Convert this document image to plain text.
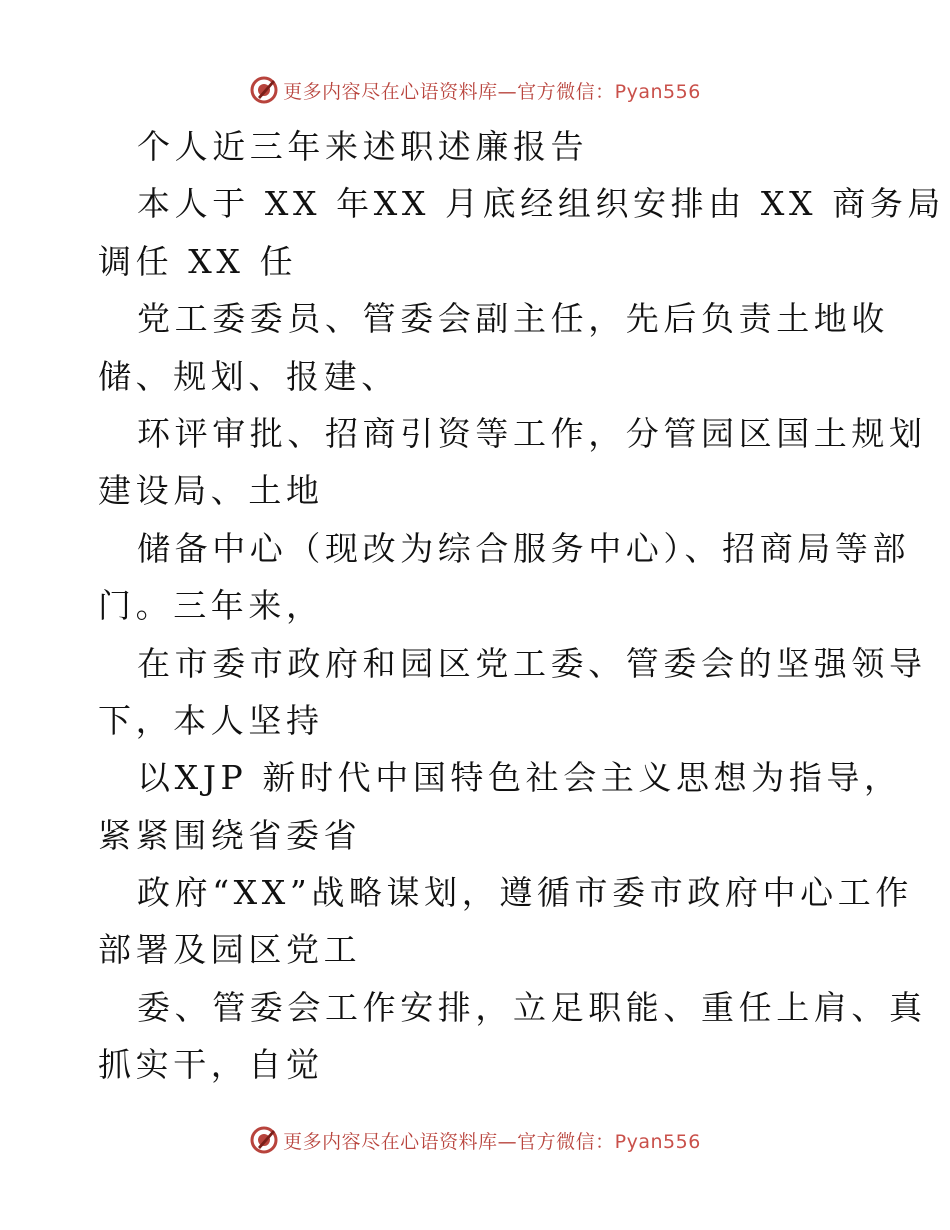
更多内容尽在心语资料库—官方微信：Pyan556
个人近三年来述职述廉报告
本人于 XX 年XX 月底经组织安排由 XX 商务局
调任 XX 任
党工委委员、管委会副主任，先后负责土地收
储、规划、报建、
环评审批、招商引资等工作，分管园区国土规划
建设局、土地
储备中心（现改为综合服务中心）、招商局等部
门。三年来，
在市委市政府和园区党工委、管委会的坚强领导
下，本人坚持
以XJP 新时代中国特色社会主义思想为指导，
紧紧围绕省委省
政府“XX”战略谋划，遵循市委市政府中心工作
部署及园区党工
委、管委会工作安排，立足职能、重任上肩、真
抓实干，自觉
更多内容尽在心语资料库—官方微信：Pyan556
